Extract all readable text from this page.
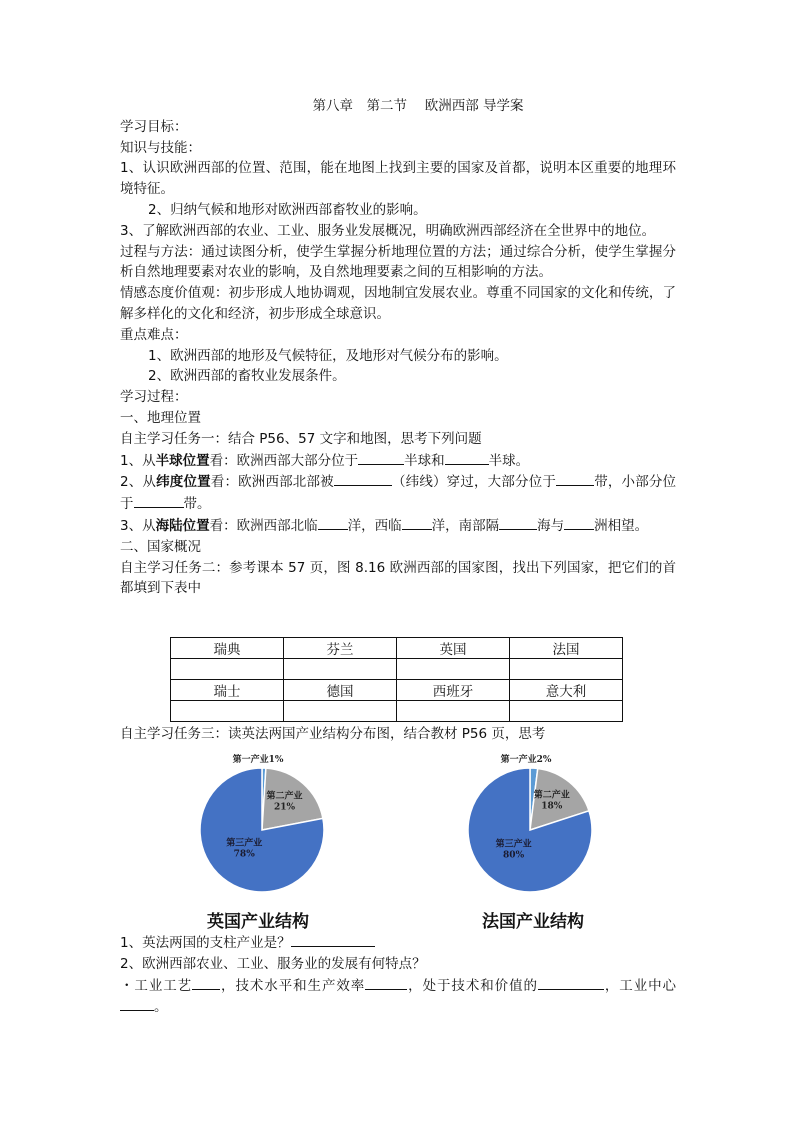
第八章　第二节　 欧洲西部 导学案

学习目标：

知识与技能：

1、认识欧洲西部的位置、范围，能在地图上找到主要的国家及首都，说明本区重要的地理环境特征。

2、归纳气候和地形对欧洲西部畜牧业的影响。

3、了解欧洲西部的农业、工业、服务业发展概况，明确欧洲西部经济在全世界中的地位。

过程与方法：通过读图分析，使学生掌握分析地理位置的方法；通过综合分析，使学生掌握分析自然地理要素对农业的影响，及自然地理要素之间的互相影响的方法。

情感态度价值观：初步形成人地协调观，因地制宜发展农业。尊重不同国家的文化和传统，了解多样化的文化和经济，初步形成全球意识。

重点难点：

1、欧洲西部的地形及气候特征，及地形对气候分布的影响。

2、欧洲西部的畜牧业发展条件。

学习过程：

一、地理位置

自主学习任务一：结合 P56、57 文字和地图，思考下列问题

1、从半球位置看：欧洲西部大部分位于	半球和	半球。

2、从纬度位置看：欧洲西部北部被	（纬线）穿过，大部分位于	带，小部分位于	带。

3、从海陆位置看：欧洲西部北临 洋，西临 洋，南部隔	海与 洲相望。

二、国家概况

自主学习任务二：参考课本 57 页，图 8.16 欧洲西部的国家图，找出下列国家，把它们的首都填到下表中

瑞典	芬兰	英国	法国

瑞士	德国	西班牙	意大利

自主学习任务三：读英法两国产业结构分布图，结合教材 P56 页，思考

第一产业1%
第二产业 21%
第三产业 78%
英国产业结构
第一产业2%
第二产业 18%
第三产业 80%
法国产业结构

1、英法两国的支柱产业是？

2、欧洲西部农业、工业、服务业的发展有何特点？

・工业工艺 ，技术水平和生产效率	，处于技术和价值的	，工业中心。
